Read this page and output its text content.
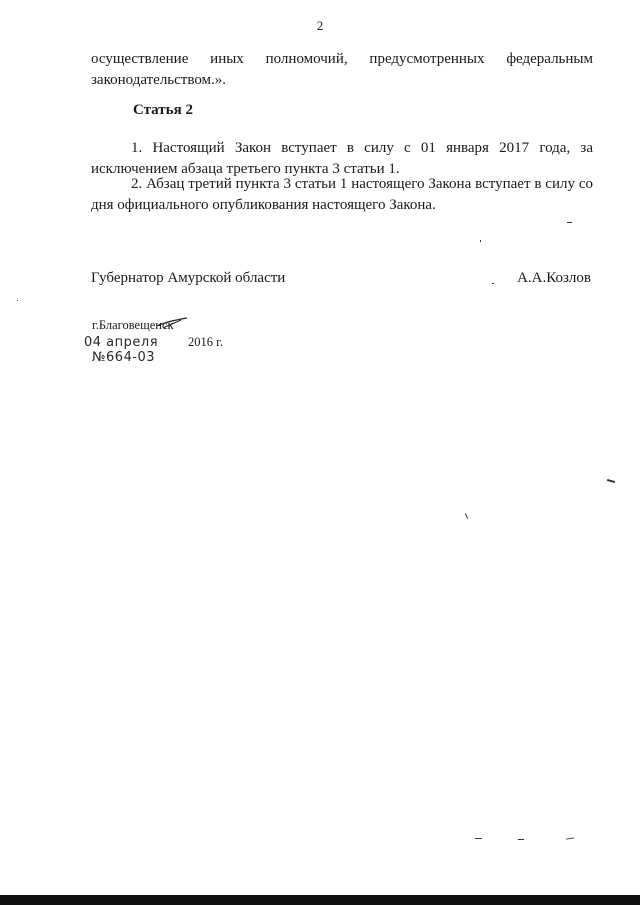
2

осуществление иных полномочий, предусмотренных федеральным законодательством.».

Статья 2

1. Настоящий Закон вступает в силу с 01 января 2017 года, за исключением абзаца третьего пункта 3 статьи 1.

2. Абзац третий пункта 3 статьи 1 настоящего Закона вступает в силу со дня официального опубликования настоящего Закона.

Губернатор Амурской области	А.А.Козлов
г.Благовещенск
04 апреля 2016 г.
№664-03
